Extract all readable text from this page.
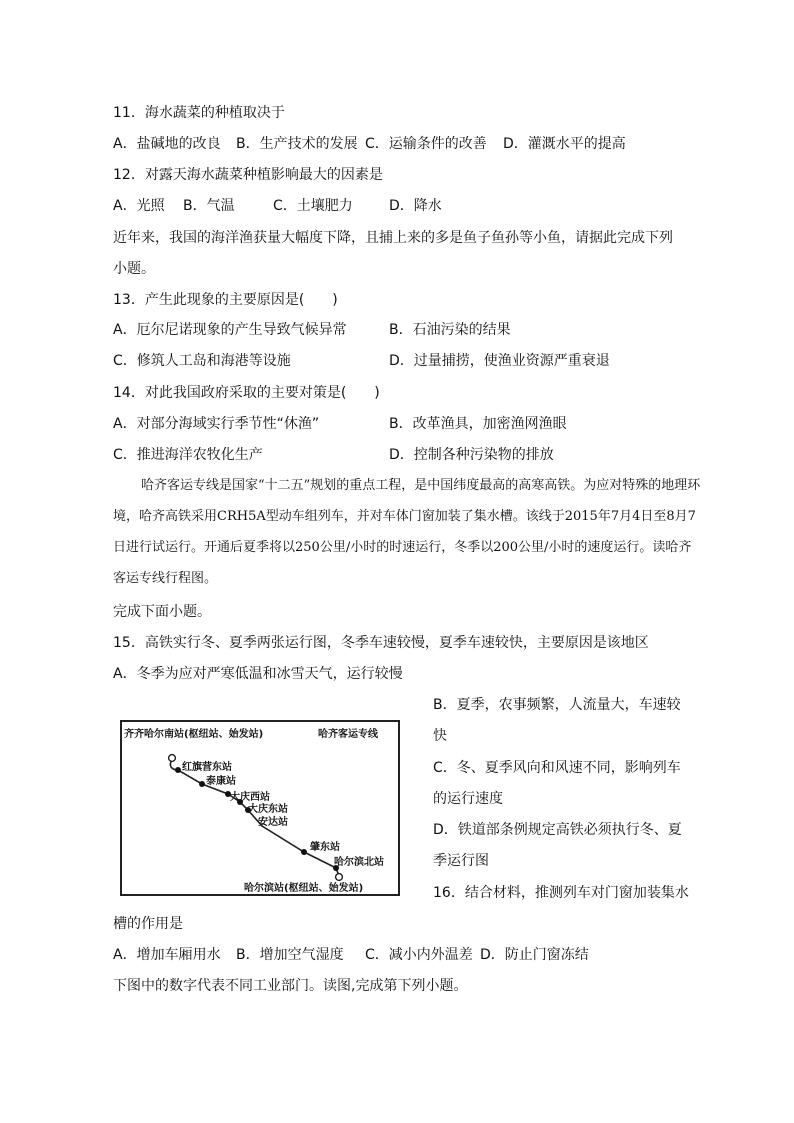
11．海水蔬菜的种植取决于
A．盐碱地的改良 B．生产技术的发展 C．运输条件的改善 D．灌溉水平的提高
12．对露天海水蔬菜种植影响最大的因素是
A．光照 B．气温	C．土壤肥力	D．降水
近年来，我国的海洋渔获量大幅度下降，且捕上来的多是鱼子鱼孙等小鱼，请据此完成下列
小题。
13．产生此现象的主要原因是(　　)
A．厄尔尼诺现象的产生导致气候异常	B．石油污染的结果
C．修筑人工岛和海港等设施	D．过量捕捞，使渔业资源严重衰退
14．对此我国政府采取的主要对策是(　　)
A．对部分海域实行季节性“休渔”	B．改革渔具，加密渔网渔眼
C．推进海洋农牧化生产	D．控制各种污染物的排放
哈齐客运专线是国家“十二五”规划的重点工程，是中国纬度最高的高寒高铁。为应对特殊的地理环境，哈齐高铁采用CRH5A型动车组列车，并对车体门窗加装了集水槽。该线于2015年7月4日至8月7日进行试运行。开通后夏季将以250公里/小时的时速运行，冬季以200公里/小时的速度运行。读哈齐客运专线行程图。
完成下面小题。
15．高铁实行冬、夏季两张运行图，冬季车速较慢，夏季车速较快，主要原因是该地区
A．冬季为应对严寒低温和冰雪天气，运行较慢
B．夏季，农事频繁，人流量大，车速较
快
C．冬、夏季风向和风速不同，影响列车
的运行速度
D．铁道部条例规定高铁必须执行冬、夏
季运行图
齐齐哈尔南站(枢纽站、始发站)	哈齐客运专线
红旗营东站
泰康站
大庆西站
大庆东站
安达站
肇东站
哈尔滨北站
哈尔滨站(枢纽站、始发站)	16．结合材料，推测列车对门窗加装集水
槽的作用是
A．增加车厢用水 B．增加空气湿度 C．减小内外温差 D．防止门窗冻结
下图中的数字代表不同工业部门。读图,完成第下列小题。
